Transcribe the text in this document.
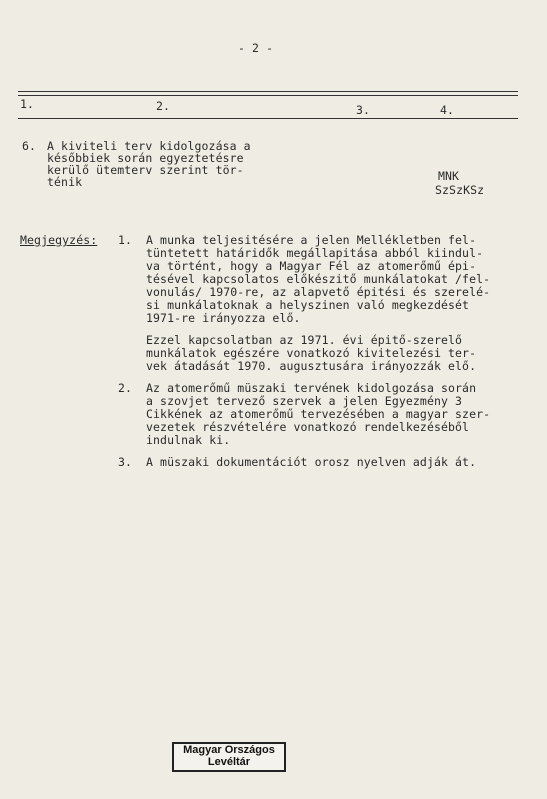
- 2 -
1.	2.	3.	4.
6. A kiviteli terv kidolgozása a
későbbiek során egyeztetésre
kerülő ütemterv szerint tör-
ténik	MNK
SzSzKSz
Megjegyzés: 1. A munka teljesitésére a jelen Mellékletben fel-
tüntetett határidők megállapitása abból kiindul-
va történt, hogy a Magyar Fél az atomerőmű épi-
tésével kapcsolatos előkészitő munkálatokat /fel-
vonulás/ 1970-re, az alapvető épitési és szerelé-
si munkálatoknak a helyszinen való megkezdését
1971-re irányozza elő.
Ezzel kapcsolatban az 1971. évi épitő-szerelő
munkálatok egészére vonatkozó kivitelezési ter-
vek átadását 1970. augusztusára irányozzák elő.
2. Az atomerőmű müszaki tervének kidolgozása során
a szovjet tervező szervek a jelen Egyezmény 3
Cikkének az atomerőmű tervezésében a magyar szer-
vezetek részvételére vonatkozó rendelkezéséből
indulnak ki.
3. A müszaki dokumentációt orosz nyelven adják át.
Magyar Országos
Levéltár
